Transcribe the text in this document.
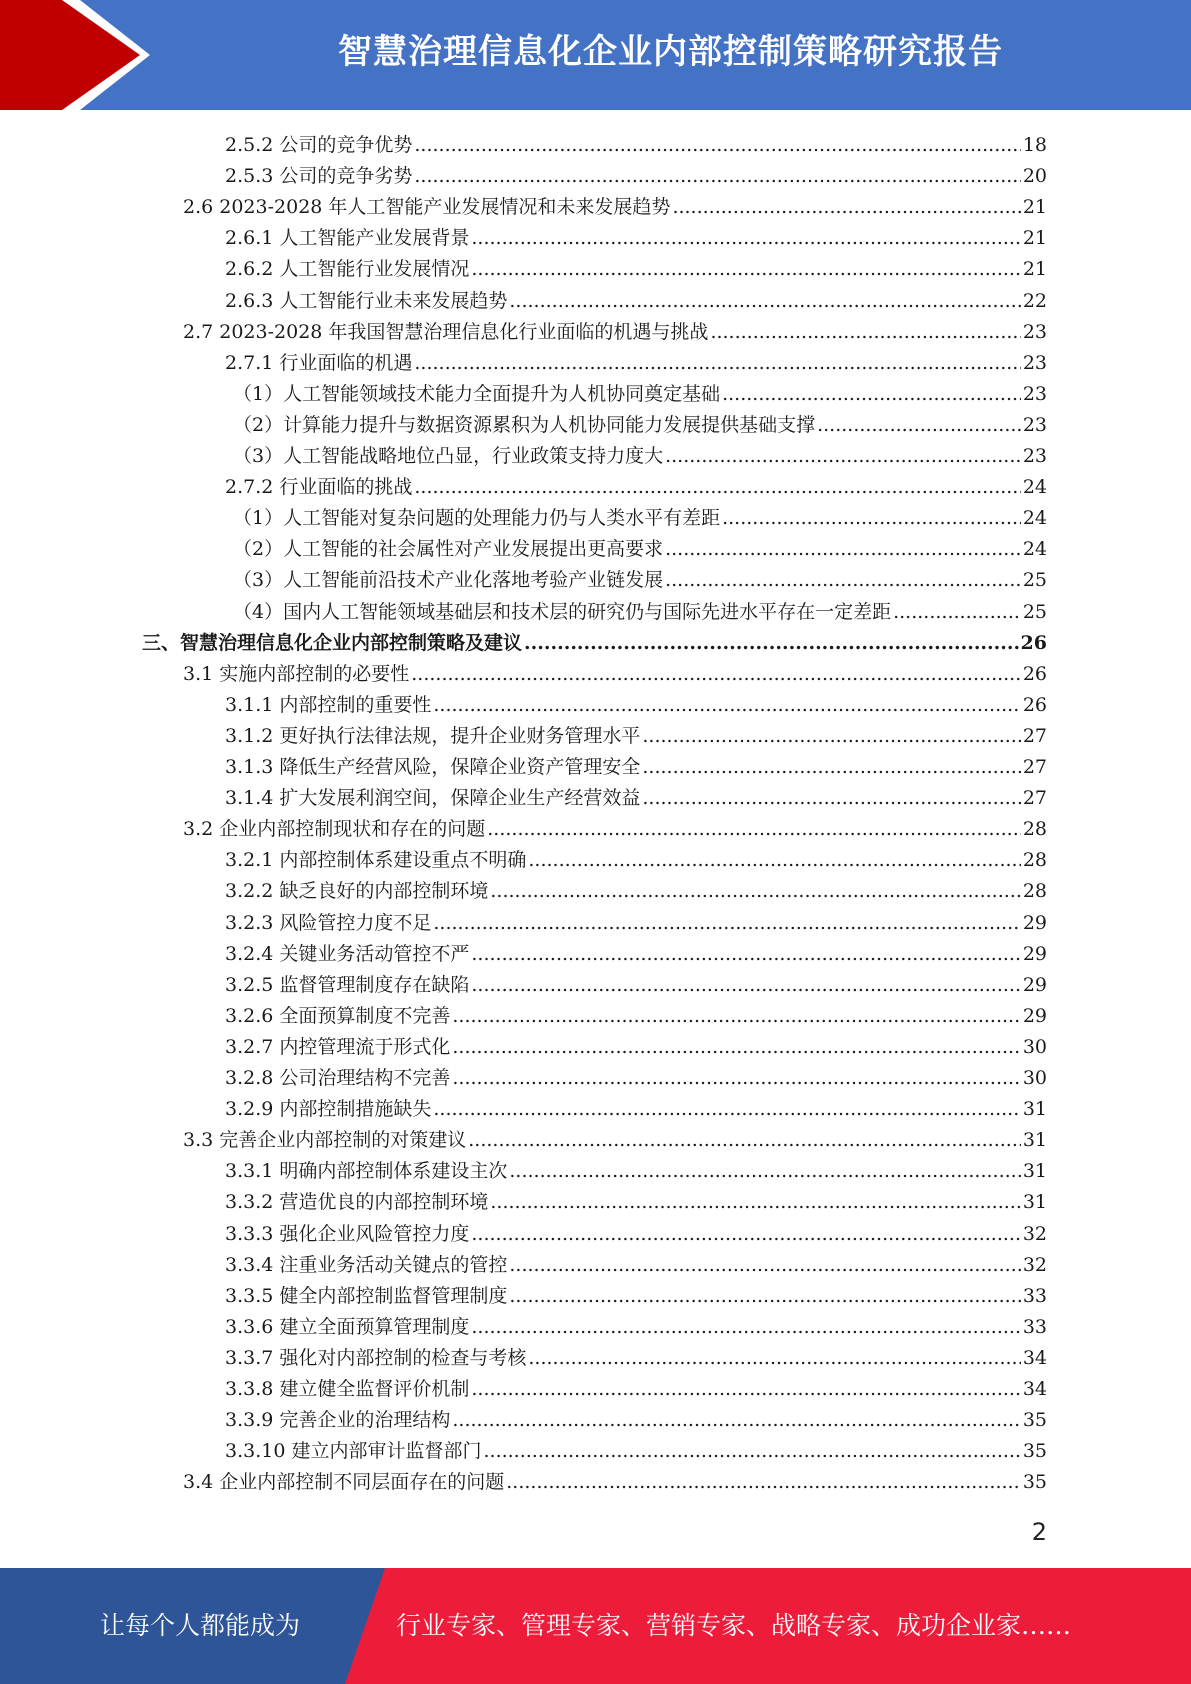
智慧治理信息化企业内部控制策略研究报告
2.5.2 公司的竞争优势 .....	18
2.5.3 公司的竞争劣势 .....	20
2.6 2023-2028 年人工智能产业发展情况和未来发展趋势 .....	21
2.6.1 人工智能产业发展背景 .....	21
2.6.2 人工智能行业发展情况 .....	21
2.6.3 人工智能行业未来发展趋势 .....	22
2.7 2023-2028 年我国智慧治理信息化行业面临的机遇与挑战 .....	23
2.7.1 行业面临的机遇 .....	23
（1）人工智能领域技术能力全面提升为人机协同奠定基础 .....	23
（2）计算能力提升与数据资源累积为人机协同能力发展提供基础支撑 .....	23
（3）人工智能战略地位凸显，行业政策支持力度大 .....	23
2.7.2 行业面临的挑战 .....	24
（1）人工智能对复杂问题的处理能力仍与人类水平有差距 .....	24
（2）人工智能的社会属性对产业发展提出更高要求 .....	24
（3）人工智能前沿技术产业化落地考验产业链发展 .....	25
（4）国内人工智能领域基础层和技术层的研究仍与国际先进水平存在一定差距 .....	25
三、智慧治理信息化企业内部控制策略及建议 .....	26
3.1 实施内部控制的必要性 .....	26
3.1.1 内部控制的重要性 .....	26
3.1.2 更好执行法律法规，提升企业财务管理水平 .....	27
3.1.3 降低生产经营风险，保障企业资产管理安全 .....	27
3.1.4 扩大发展利润空间，保障企业生产经营效益 .....	27
3.2 企业内部控制现状和存在的问题 .....	28
3.2.1 内部控制体系建设重点不明确 .....	28
3.2.2 缺乏良好的内部控制环境 .....	28
3.2.3 风险管控力度不足 .....	29
3.2.4 关键业务活动管控不严 .....	29
3.2.5 监督管理制度存在缺陷 .....	29
3.2.6 全面预算制度不完善 .....	29
3.2.7 内控管理流于形式化 .....	30
3.2.8 公司治理结构不完善 .....	30
3.2.9 内部控制措施缺失 .....	31
3.3 完善企业内部控制的对策建议 .....	31
3.3.1 明确内部控制体系建设主次 .....	31
3.3.2 营造优良的内部控制环境 .....	31
3.3.3 强化企业风险管控力度 .....	32
3.3.4 注重业务活动关键点的管控 .....	32
3.3.5 健全内部控制监督管理制度 .....	33
3.3.6 建立全面预算管理制度 .....	33
3.3.7 强化对内部控制的检查与考核 .....	34
3.3.8 建立健全监督评价机制 .....	34
3.3.9 完善企业的治理结构 .....	35
3.3.10 建立内部审计监督部门 .....	35
3.4 企业内部控制不同层面存在的问题 .....	35
2
让每个人都能成为	行业专家、管理专家、营销专家、战略专家、成功企业家……
